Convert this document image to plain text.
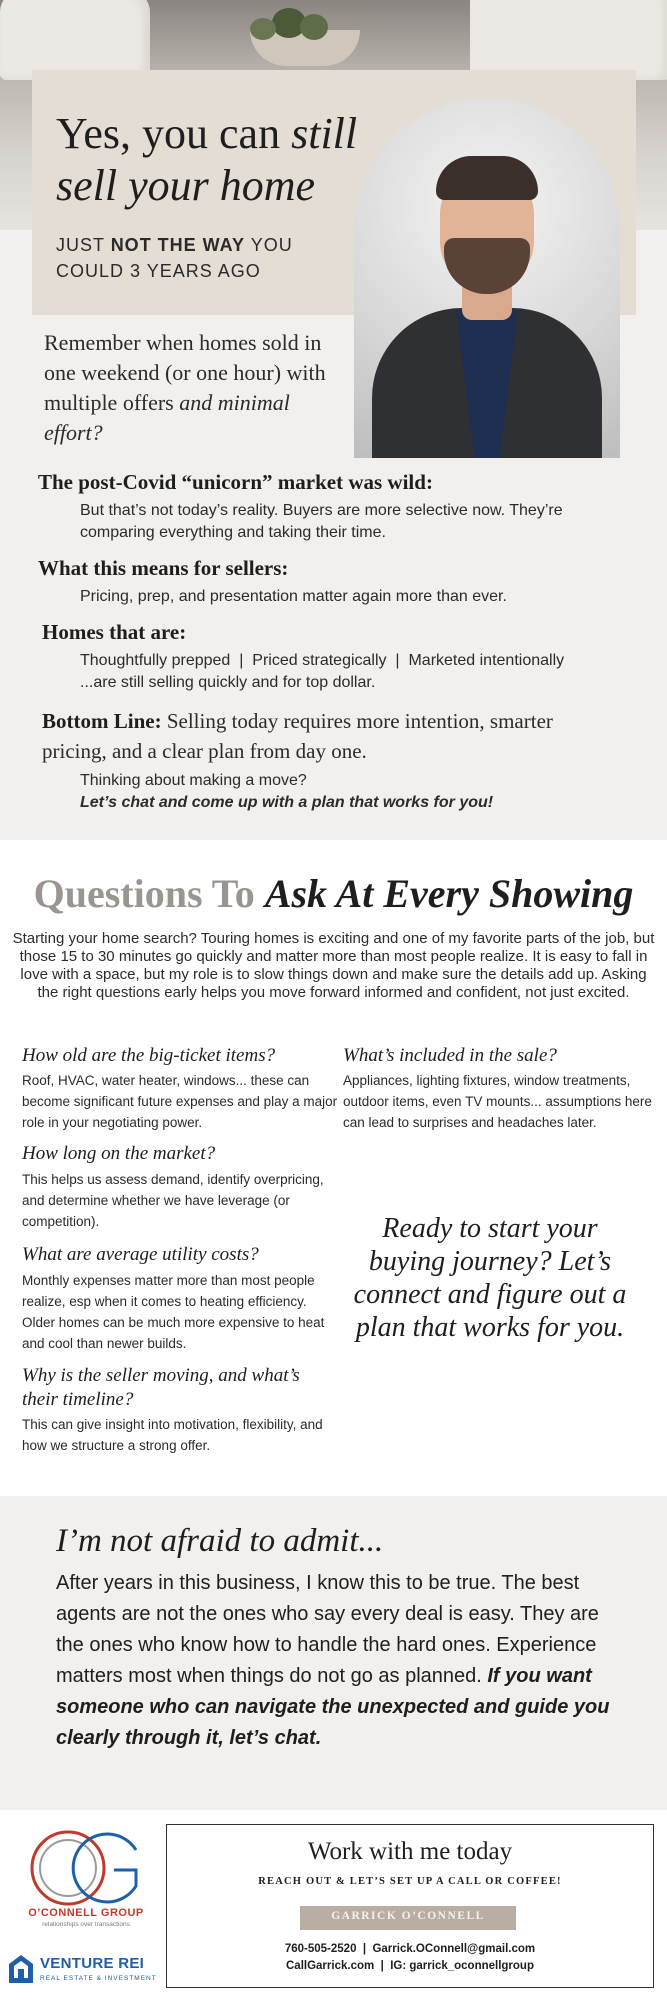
Yes, you can still
sell your home
JUST NOT THE WAY YOU
COULD 3 YEARS AGO

Remember when homes sold in one weekend (or one hour) with multiple offers and minimal effort?

The post-Covid “unicorn” market was wild:
But that’s not today’s reality. Buyers are more selective now. They’re comparing everything and taking their time.
What this means for sellers:
Pricing, prep, and presentation matter again more than ever.
Homes that are:
Thoughtfully prepped  |  Priced strategically  |  Marketed intentionally
...are still selling quickly and for top dollar.

Bottom Line: Selling today requires more intention, smarter pricing, and a clear plan from day one.

Thinking about making a move?
Let’s chat and come up with a plan that works for you!
Questions To Ask At Every Showing

Starting your home search? Touring homes is exciting and one of my favorite parts of the job, but those 15 to 30 minutes go quickly and matter more than most people realize. It is easy to fall in love with a space, but my role is to slow things down and make sure the details add up. Asking the right questions early helps you move forward informed and confident, not just excited.

How old are the big-ticket items?
Roof, HVAC, water heater, windows... these can become significant future expenses and play a major role in your negotiating power.
What’s included in the sale?
Appliances, lighting fixtures, window treatments, outdoor items, even TV mounts... assumptions here can lead to surprises and headaches later.
How long on the market?
This helps us assess demand, identify overpricing, and determine whether we have leverage (or competition).
What are average utility costs?
Monthly expenses matter more than most people realize, esp when it comes to heating efficiency. Older homes can be much more expensive to heat and cool than newer builds.
Why is the seller moving, and what’s their timeline?
This can give insight into motivation, flexibility, and how we structure a strong offer.
Ready to start your buying journey? Let’s connect and figure out a plan that works for you.
I’m not afraid to admit...

After years in this business, I know this to be true. The best agents are not the ones who say every deal is easy. They are the ones who know how to handle the hard ones. Experience matters most when things do not go as planned. If you want someone who can navigate the unexpected and guide you clearly through it, let’s chat.

O’CONNELL GROUP
relationships over transactions
VENTURE REI
REAL ESTATE & INVESTMENT
Work with me today
REACH OUT & LET’S SET UP A CALL OR COFFEE!
GARRICK O’CONNELL
760-505-2520  |  Garrick.OConnell@gmail.com
CallGarrick.com  |  IG: garrick_oconnellgroup
